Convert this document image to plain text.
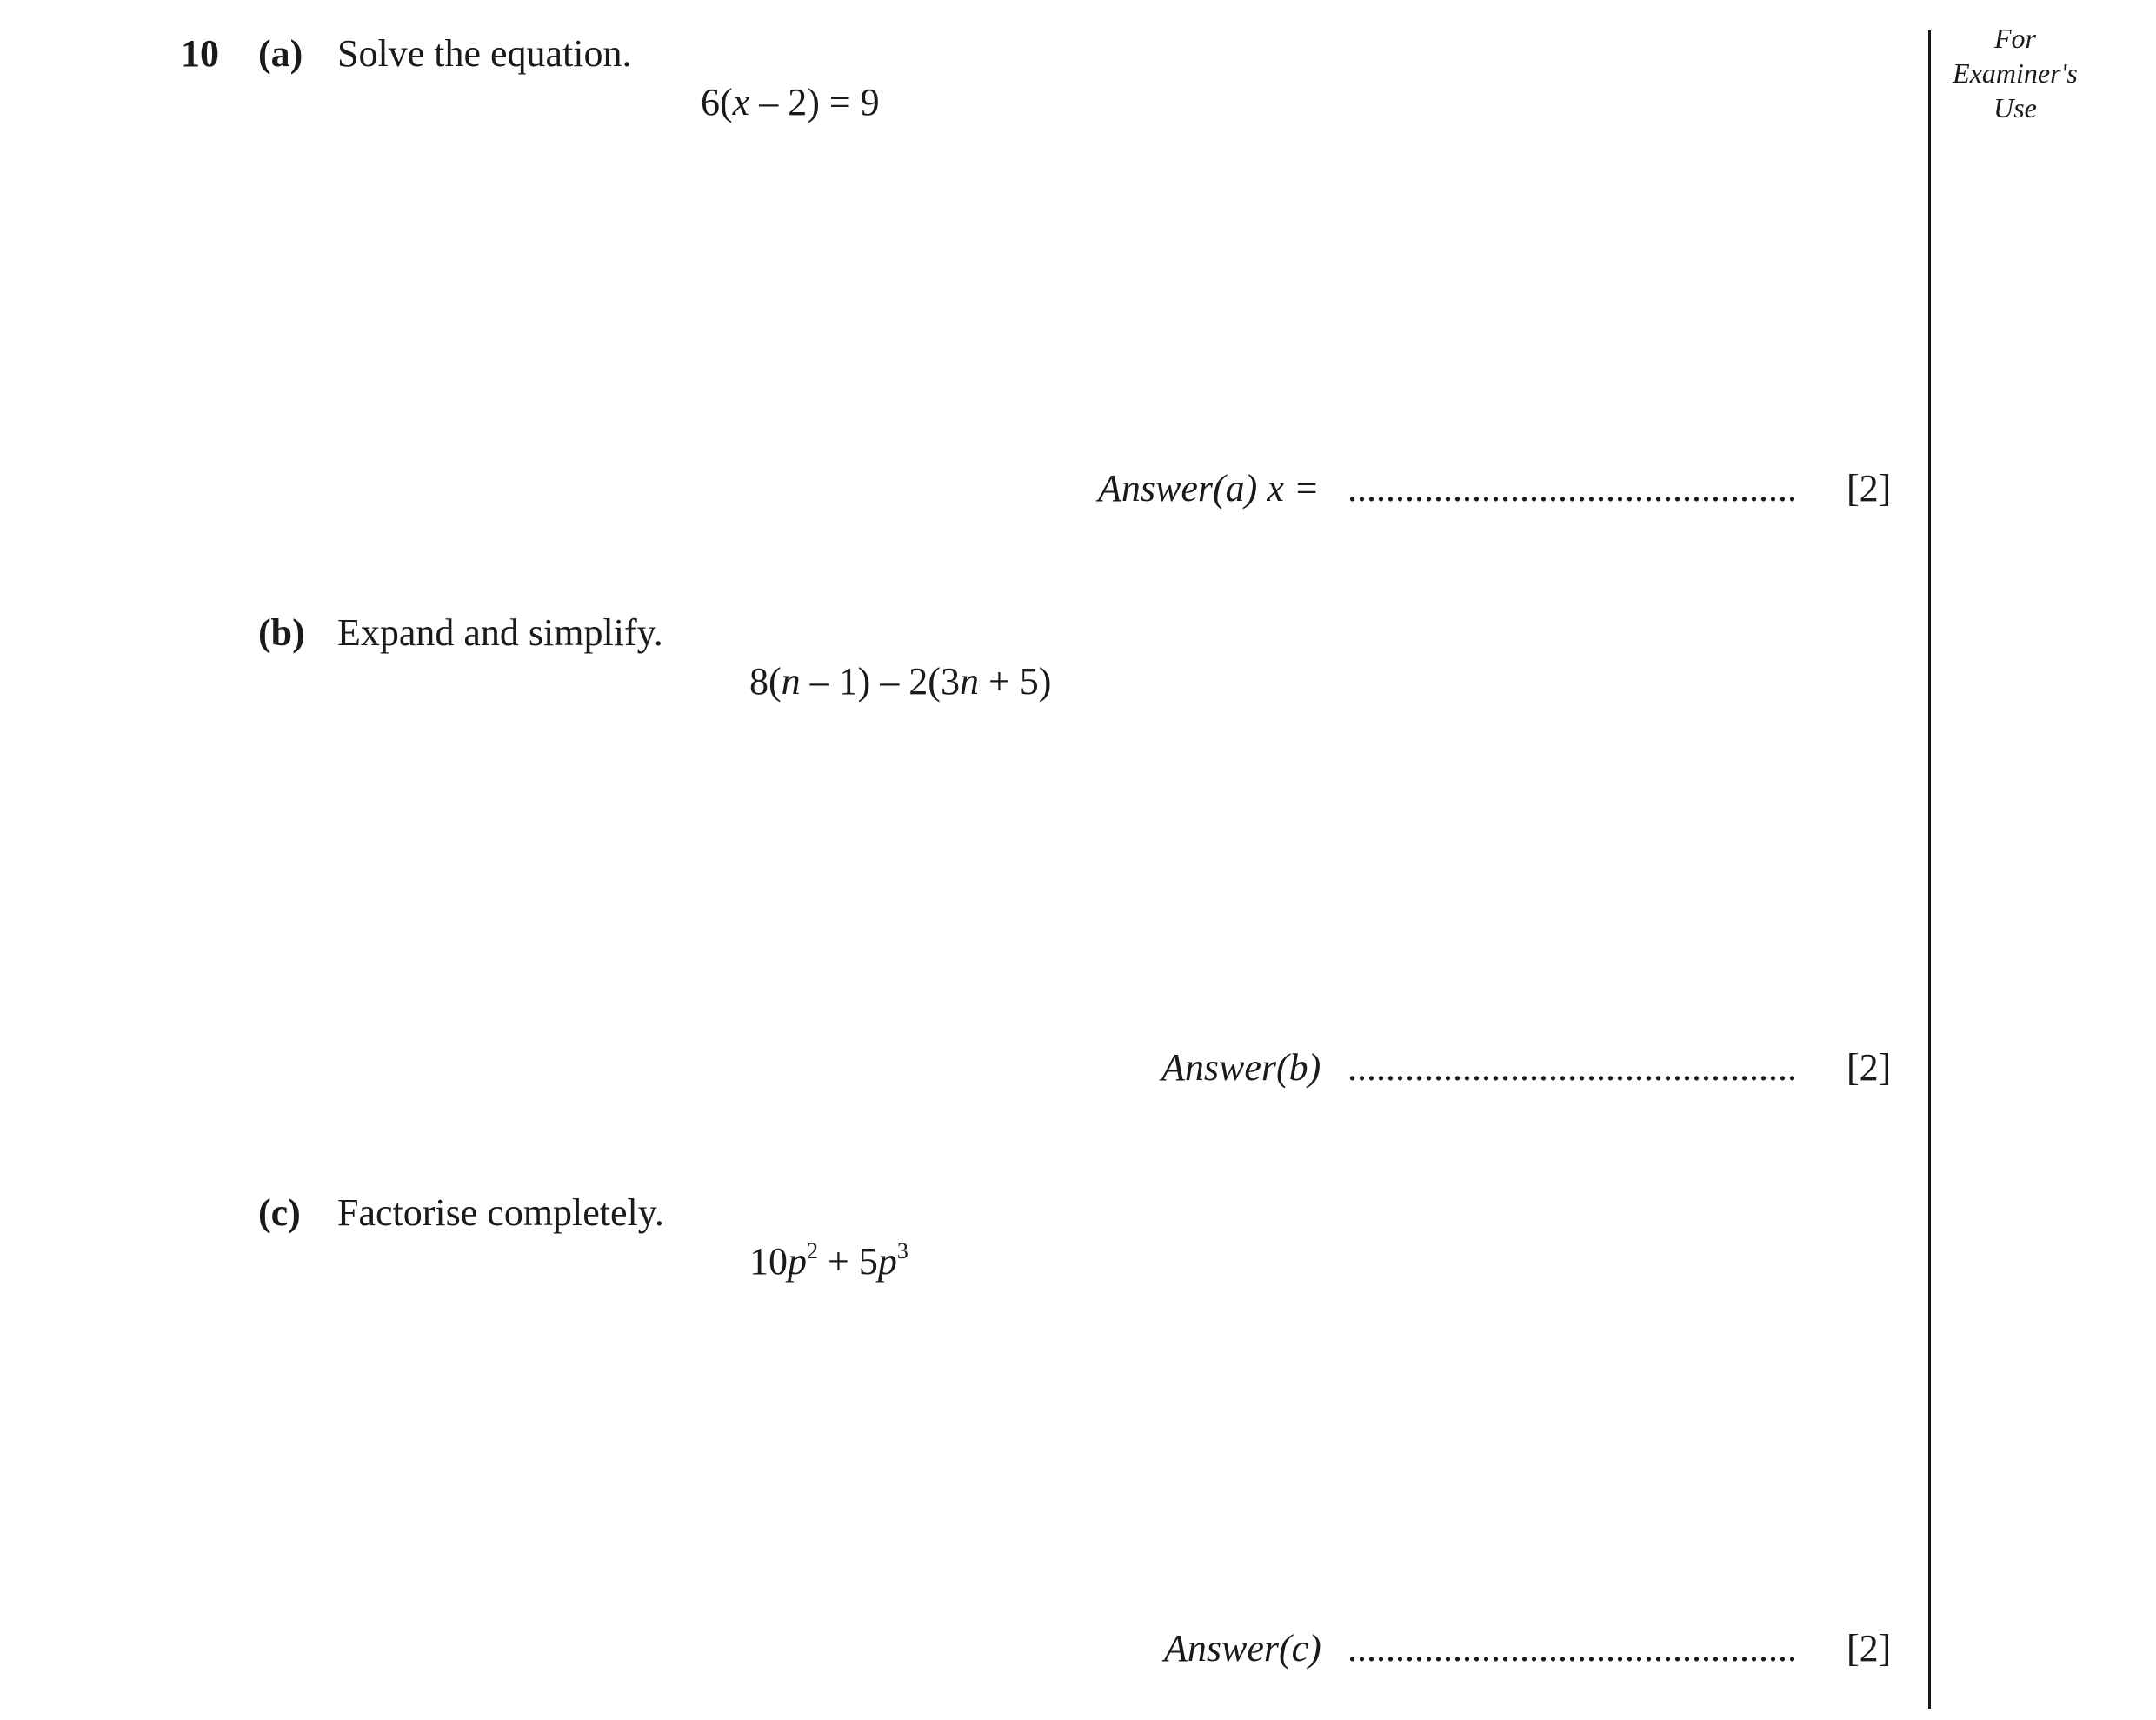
10 (a) Solve the equation.
6(x – 2) = 9
Answer(a) x = ............................................... [2]
(b) Expand and simplify.
8(n – 1) – 2(3n + 5)
Answer(b) ............................................... [2]
(c) Factorise completely.
$10p^2 + 5p^3$
Answer(c) ............................................... [2]
For
Examiner's
Use
